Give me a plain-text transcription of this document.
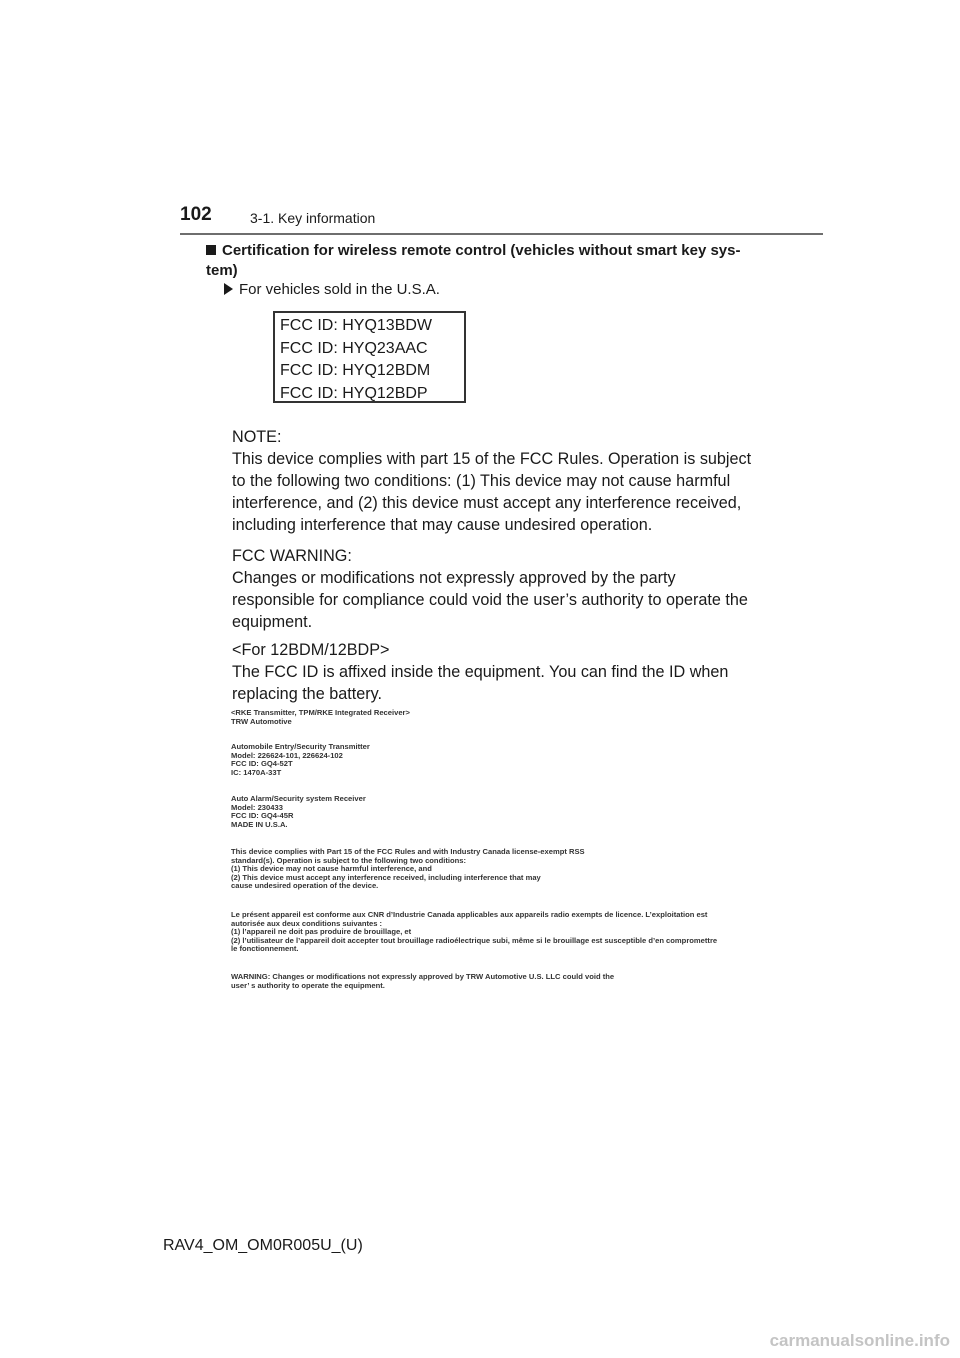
102	3-1. Key information
Certification for wireless remote control (vehicles without smart key sys-
tem)
For vehicles sold in the U.S.A.
FCC ID: HYQ13BDW
FCC ID: HYQ23AAC
FCC ID: HYQ12BDM
FCC ID: HYQ12BDP

NOTE:

This device complies with part 15 of the FCC Rules. Operation is subject

to the following two conditions: (1) This device may not cause harmful

interference, and (2) this device must accept any interference received,

including interference that may cause undesired operation.

FCC WARNING:

Changes or modifications not expressly approved by the party

responsible for compliance could void the user’s authority to operate the

equipment.

<For 12BDM/12BDP>

The FCC ID is affixed inside the equipment. You can find the ID when

replacing the battery.

<RKE Transmitter, TPM/RKE Integrated Receiver>

TRW Automotive

Automobile Entry/Security Transmitter

Model: 226624-101, 226624-102

FCC ID: GQ4-52T

IC: 1470A-33T

Auto Alarm/Security system Receiver

Model: 230433

FCC ID: GQ4-45R

MADE IN U.S.A.

This device complies with Part 15 of the FCC Rules and with Industry Canada license-exempt RSS

standard(s). Operation is subject to the following two conditions:

(1) This device may not cause harmful interference, and

(2) This device must accept any interference received, including interference that may

cause undesired operation of the device.

Le présent appareil est conforme aux CNR d’Industrie Canada applicables aux appareils radio exempts de licence. L’exploitation est

autorisée aux deux conditions suivantes :

(1) l’appareil ne doit pas produire de brouillage, et

(2) l’utilisateur de l’appareil doit accepter tout brouillage radioélectrique subi, même si le brouillage est susceptible d’en compromettre

le fonctionnement.

WARNING: Changes or modifications not expressly approved by TRW Automotive U.S. LLC could void the

user’ s authority to operate the equipment.

RAV4_OM_OM0R005U_(U)
carmanualsonline.info
